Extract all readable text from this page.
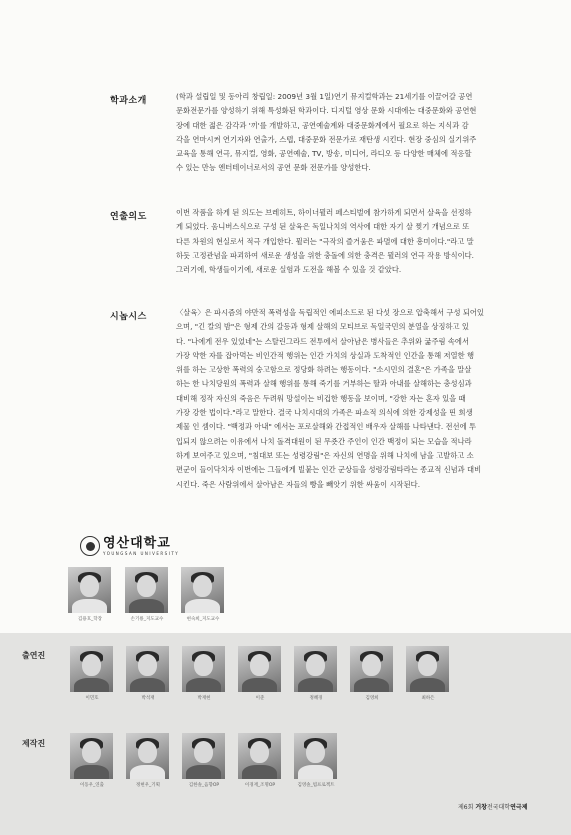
학과소개	(학과 설립일 및 동아리 창립일: 2009년 3월 1일)연기 뮤지컬학과는 21세기를 이끌어갈 공연
문화전문가를 양성하기 위해 특성화된 학과이다. 디지털 영상 문화 시대에는 대중문화와 공연현
장에 대한 젊은 감각과 '끼'를 개발하고, 공연예술계와 대중문화계에서 필요로 하는 지식과 감
각을 연마시켜 연기자와 연출가, 스텝, 대중문화 전문가로 재탄생 시킨다. 현장 중심의 실기위주
교육을 통해 연극, 뮤지컬, 영화, 공연예술, TV, 방송, 미디어, 라디오 등 다양한 매체에 적응할
수 있는 만능 엔터테이너로서의 공연 문화 전문가를 양성한다.
연출의도	이번 작품을 하게 된 의도는 브레히트, 하이너뮐러 페스티벌에 참가하게 되면서 살육을 선정하
게 되었다. 옴니버스식으로 구성 된 살육은 독일나치의 역사에 대한 자기 살 찢기 개념으로 또
다른 차원의 현실로서 적극 개입한다. 뮐러는 "극작의 즐거움은 파멸에 대한 흥미이다."라고 말
하듯 고정관념을 파괴하여 새로운 생성을 위한 충돌에 의한 충격은 뮐러의 연극 작용 방식이다.
그러기에, 학생들이기에, 새로운 실험과 도전을 해볼 수 있을 것 같았다.
시놉시스	〈살육〉은 파시즘의 야만적 폭력성을 독립적인 에피소드로 된 다섯 장으로 압축해서 구성 되어있
으며, "긴 칼의 밤"은 형제 간의 갈등과 형제 살해의 모티브로 독일국민의 분열을 상징하고 있
다. "나에게 전우 있었네"는 스탈린그라드 전투에서 살아남은 병사들은 추위와 굶주림 속에서
가장 약한 자를 잡아먹는 비인간적 행위는 인간 가치의 상실과 도착적인 인간을 통해 저열한 행
위를 하는 고상한 폭력의 숭고함으로 정당화 하려는 행동이다. "소시민의 결혼"은 가족을 말살
하는 한 나치당원의 폭력과 살해 행위를 통해 죽기를 거부하는 딸과 아내를 살해하는 충성심과
대비해 정작 자신의 죽음은 두려워 망설이는 비겁한 행동을 보이며, "강한 자는 혼자 있을 때
가장 강한 법이다."라고 말한다. 결국 나치시대의 가족은 파쇼적 의식에 의한 강제성을 띤 희생
제물 인 셈이다. "백정과 아내" 에서는 포로살해와 간접적인 배우자 살해를 나타낸다. 전선에 투
입되지 않으려는 이유에서 나치 돌격대원이 된 무죳간 주인이 인간 백정이 되는 모습을 적나라
하게 보여주고 있으며, "침대보 또는 성령강림"은 자신의 연명을 위해 나치에 남을 고발하고 소
편군이 들이닥치자 이번에는 그들에게 빌붙는 인간 군상들을 성령강림타라는 종교적 신념과 대비
시킨다. 죽은 사람위에서 살아남은 자들의 빵을 빼앗기 위한 싸움이 시작된다.
영산대학교
YOUNGSAN UNIVERSITY
김용호_학장	손기룡_지도교수	현숙희_지도교수
출연진
이민호	박석재	박재현	이준	정혜경	김영희	최하은
제작진
이동우_연출	정현우_기획	김한솔_음향OP	이경재_조명OP	김영솔_빔프로젝트
제6회 거창전국대학연극제
